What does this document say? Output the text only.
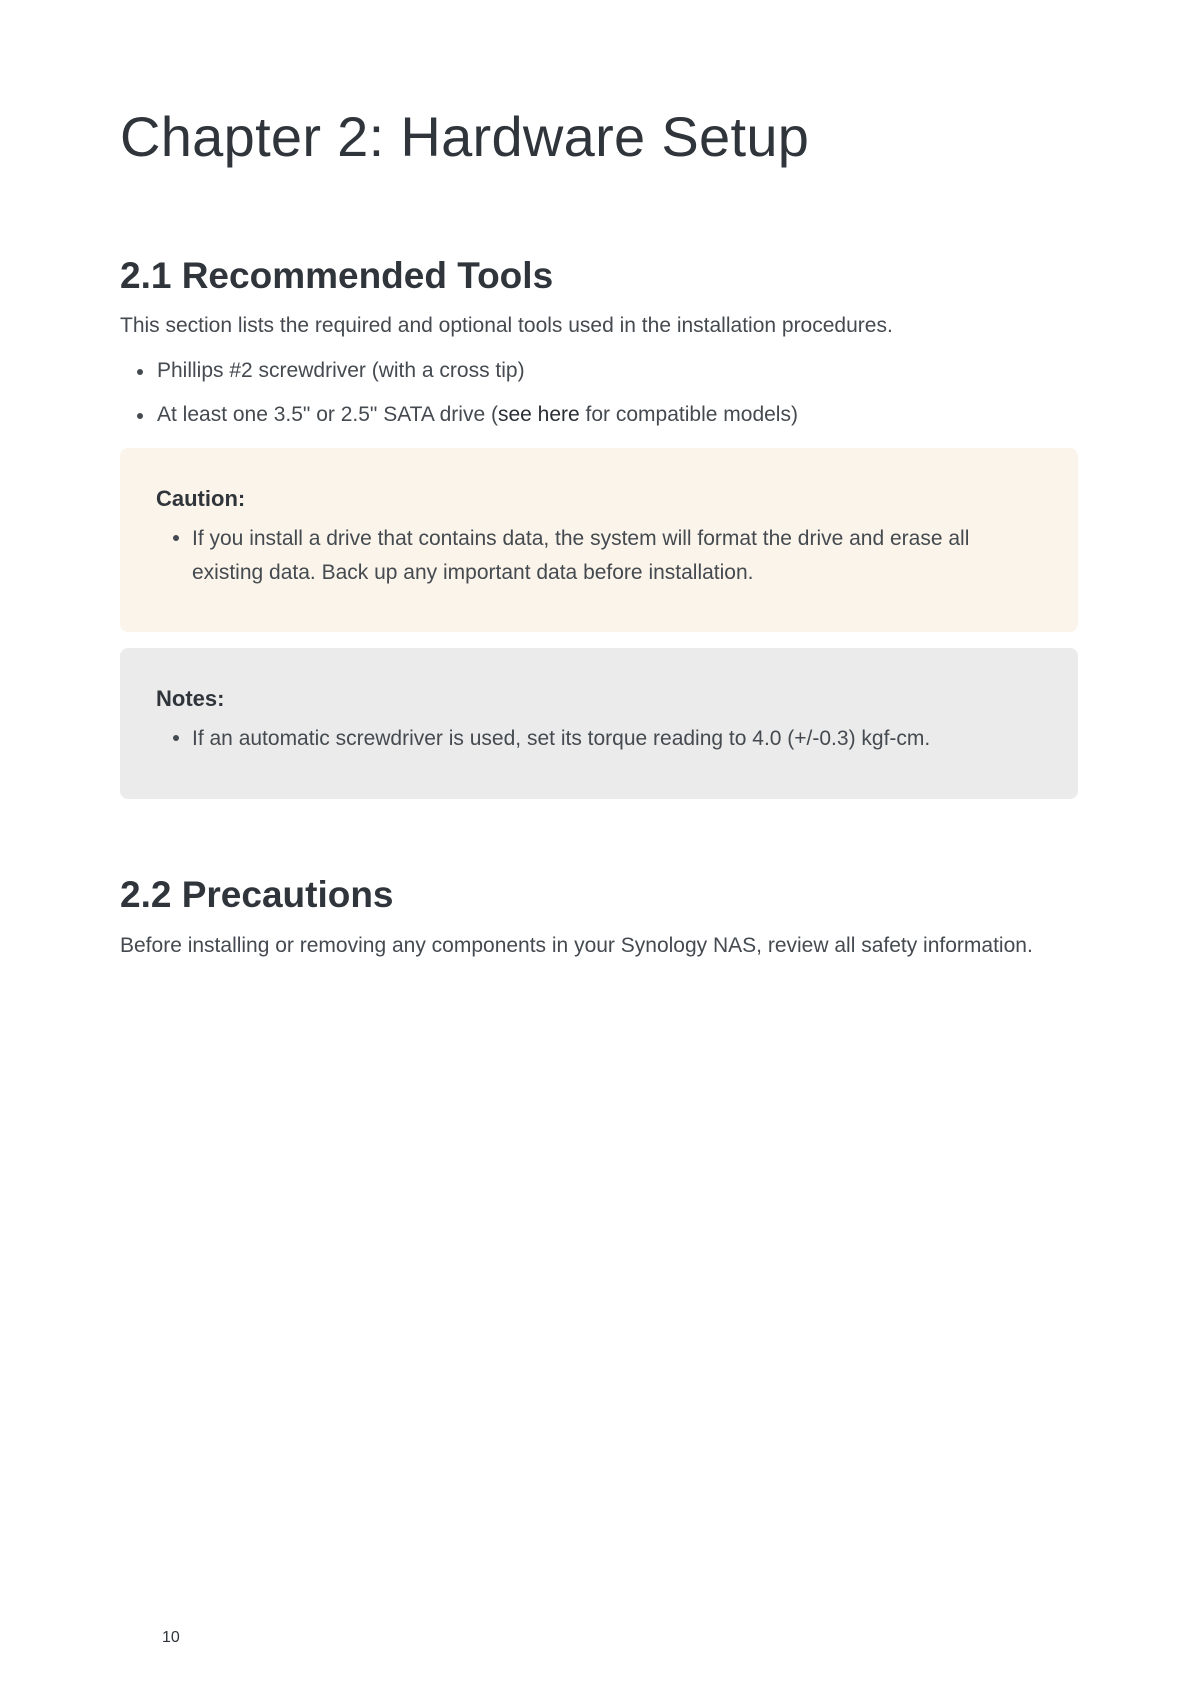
Chapter 2: Hardware Setup
2.1 Recommended Tools

This section lists the required and optional tools used in the installation procedures.

Phillips #2 screwdriver (with a cross tip)
At least one 3.5" or 2.5" SATA drive (see here for compatible models)

Caution:

If you install a drive that contains data, the system will format the drive and erase all existing data. Back up any important data before installation.

Notes:

If an automatic screwdriver is used, set its torque reading to 4.0 (+/-0.3) kgf-cm.
2.2 Precautions

Before installing or removing any components in your Synology NAS, review all safety information.

10
